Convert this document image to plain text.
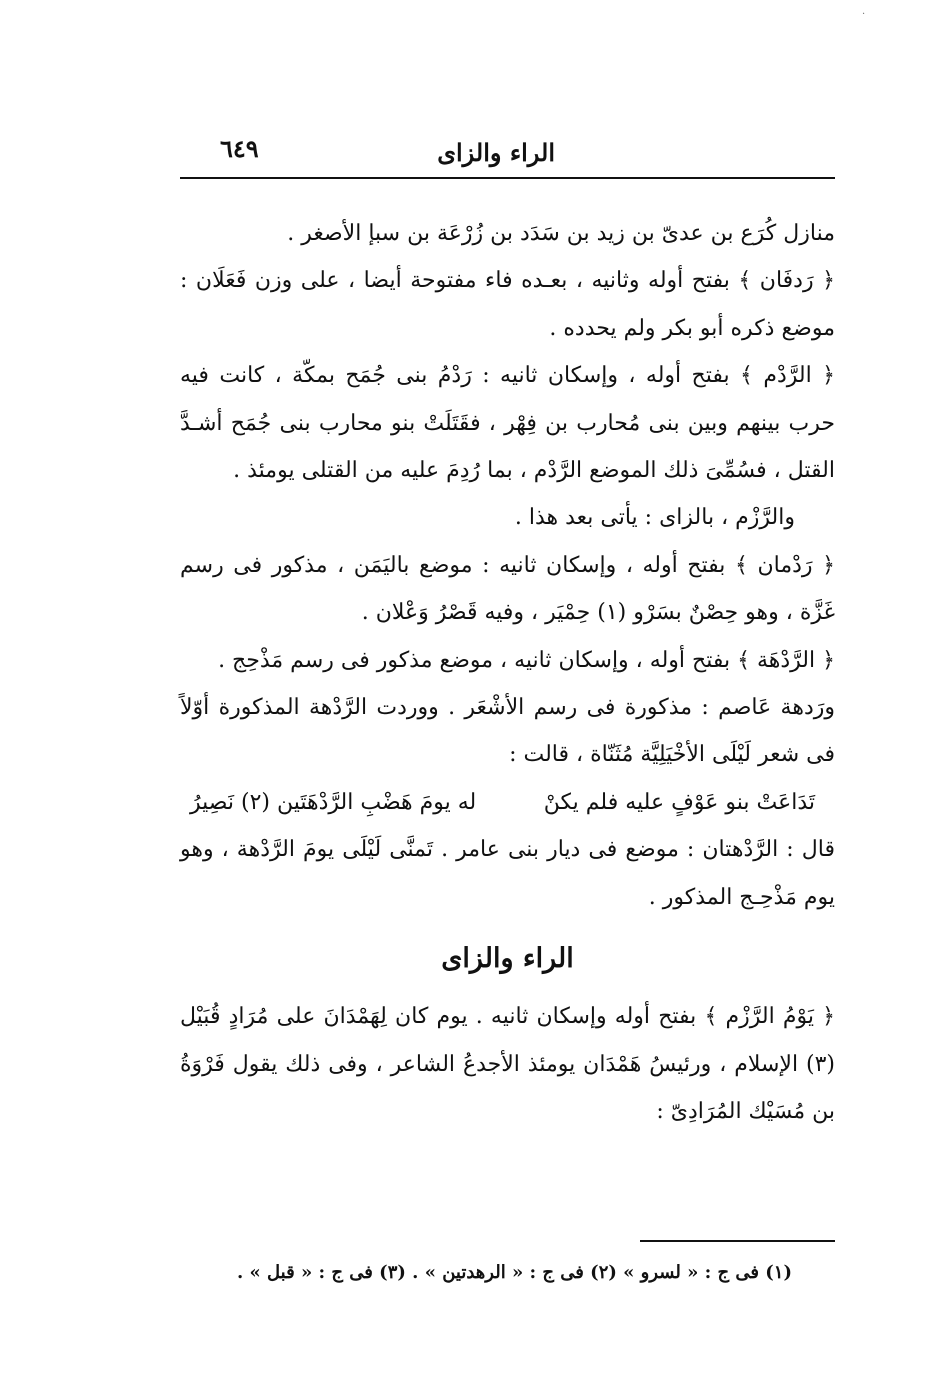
·
الراء والزاى
٦٤٩

منازل كُرَع بن عدىّ بن زيد بن سَدَد بن زُرْعَة بن سبإ الأصغر .

﴿ رَدفَان ﴾ بفتح أوله وثانيه ، بعـده فاء مفتوحة أيضا ، على وزن فَعَلَان : موضع ذكره أبو بكر ولم يحدده .

﴿ الرَّدْم ﴾ بفتح أوله ، وإسكان ثانيه : رَدْمُ بنى جُمَح بمكّة ، كانت فيه حرب بينهم وبين بنى مُحارب بن فِهْر ، فقَتَلَتْ بنو محارب بنى جُمَح أشـدَّ القتل ، فسُمِّىَ ذلك الموضع الرَّدْم ، بما رُدِمَ عليه من القتلى يومئذ .

والرَّزْم ، بالزاى : يأتى بعد هذا .

﴿ رَدْمان ﴾ بفتح أوله ، وإسكان ثانيه : موضع باليَمَن ، مذكور فى رسم غَزَّة ، وهو حِصْنٌ بسَرْو (١) حِمْيَر ، وفيه قَصْرُ وَعْلان .

﴿ الرَّدْهَة ﴾ بفتح أوله ، وإسكان ثانيه ، موضع مذكور فى رسم مَذْحِج .

ورَدهة عَاصم : مذكورة فى رسم الأشْعَر . ووردت الرَّدْهة المذكورة أوّلاً فى شعر لَيْلَى الأخْيَلِيَّة مُثَنّاة ، قالت :

تَدَاعَتْ بنو عَوْفٍ عليه فلم يكنْ
له يومَ هَضْبِ الرَّدْهَتَين (٢) نَصِيرُ

قال : الرَّدْهتان : موضع فى ديار بنى عامر . تَمنَّى لَيْلَى يومَ الرَّدْهة ، وهو يوم مَذْحِـج المذكور .

الراء والزاى

﴿ يَوْمُ الرَّزْم ﴾ بفتح أوله وإسكان ثانيه . يوم كان لِهَمْدَانَ على مُرَادٍ قُبَيْل (٣) الإسلام ، ورئيسُ هَمْدَان يومئذ الأجدعُ الشاعر ، وفى ذلك يقول فَرْوَةُ بن مُسَيْك المُرَادِىّ :

(١) فى ج : « لسرو » (٢) فى ج : « الرهدتين » . (٣) فى ج : « قبل » .
